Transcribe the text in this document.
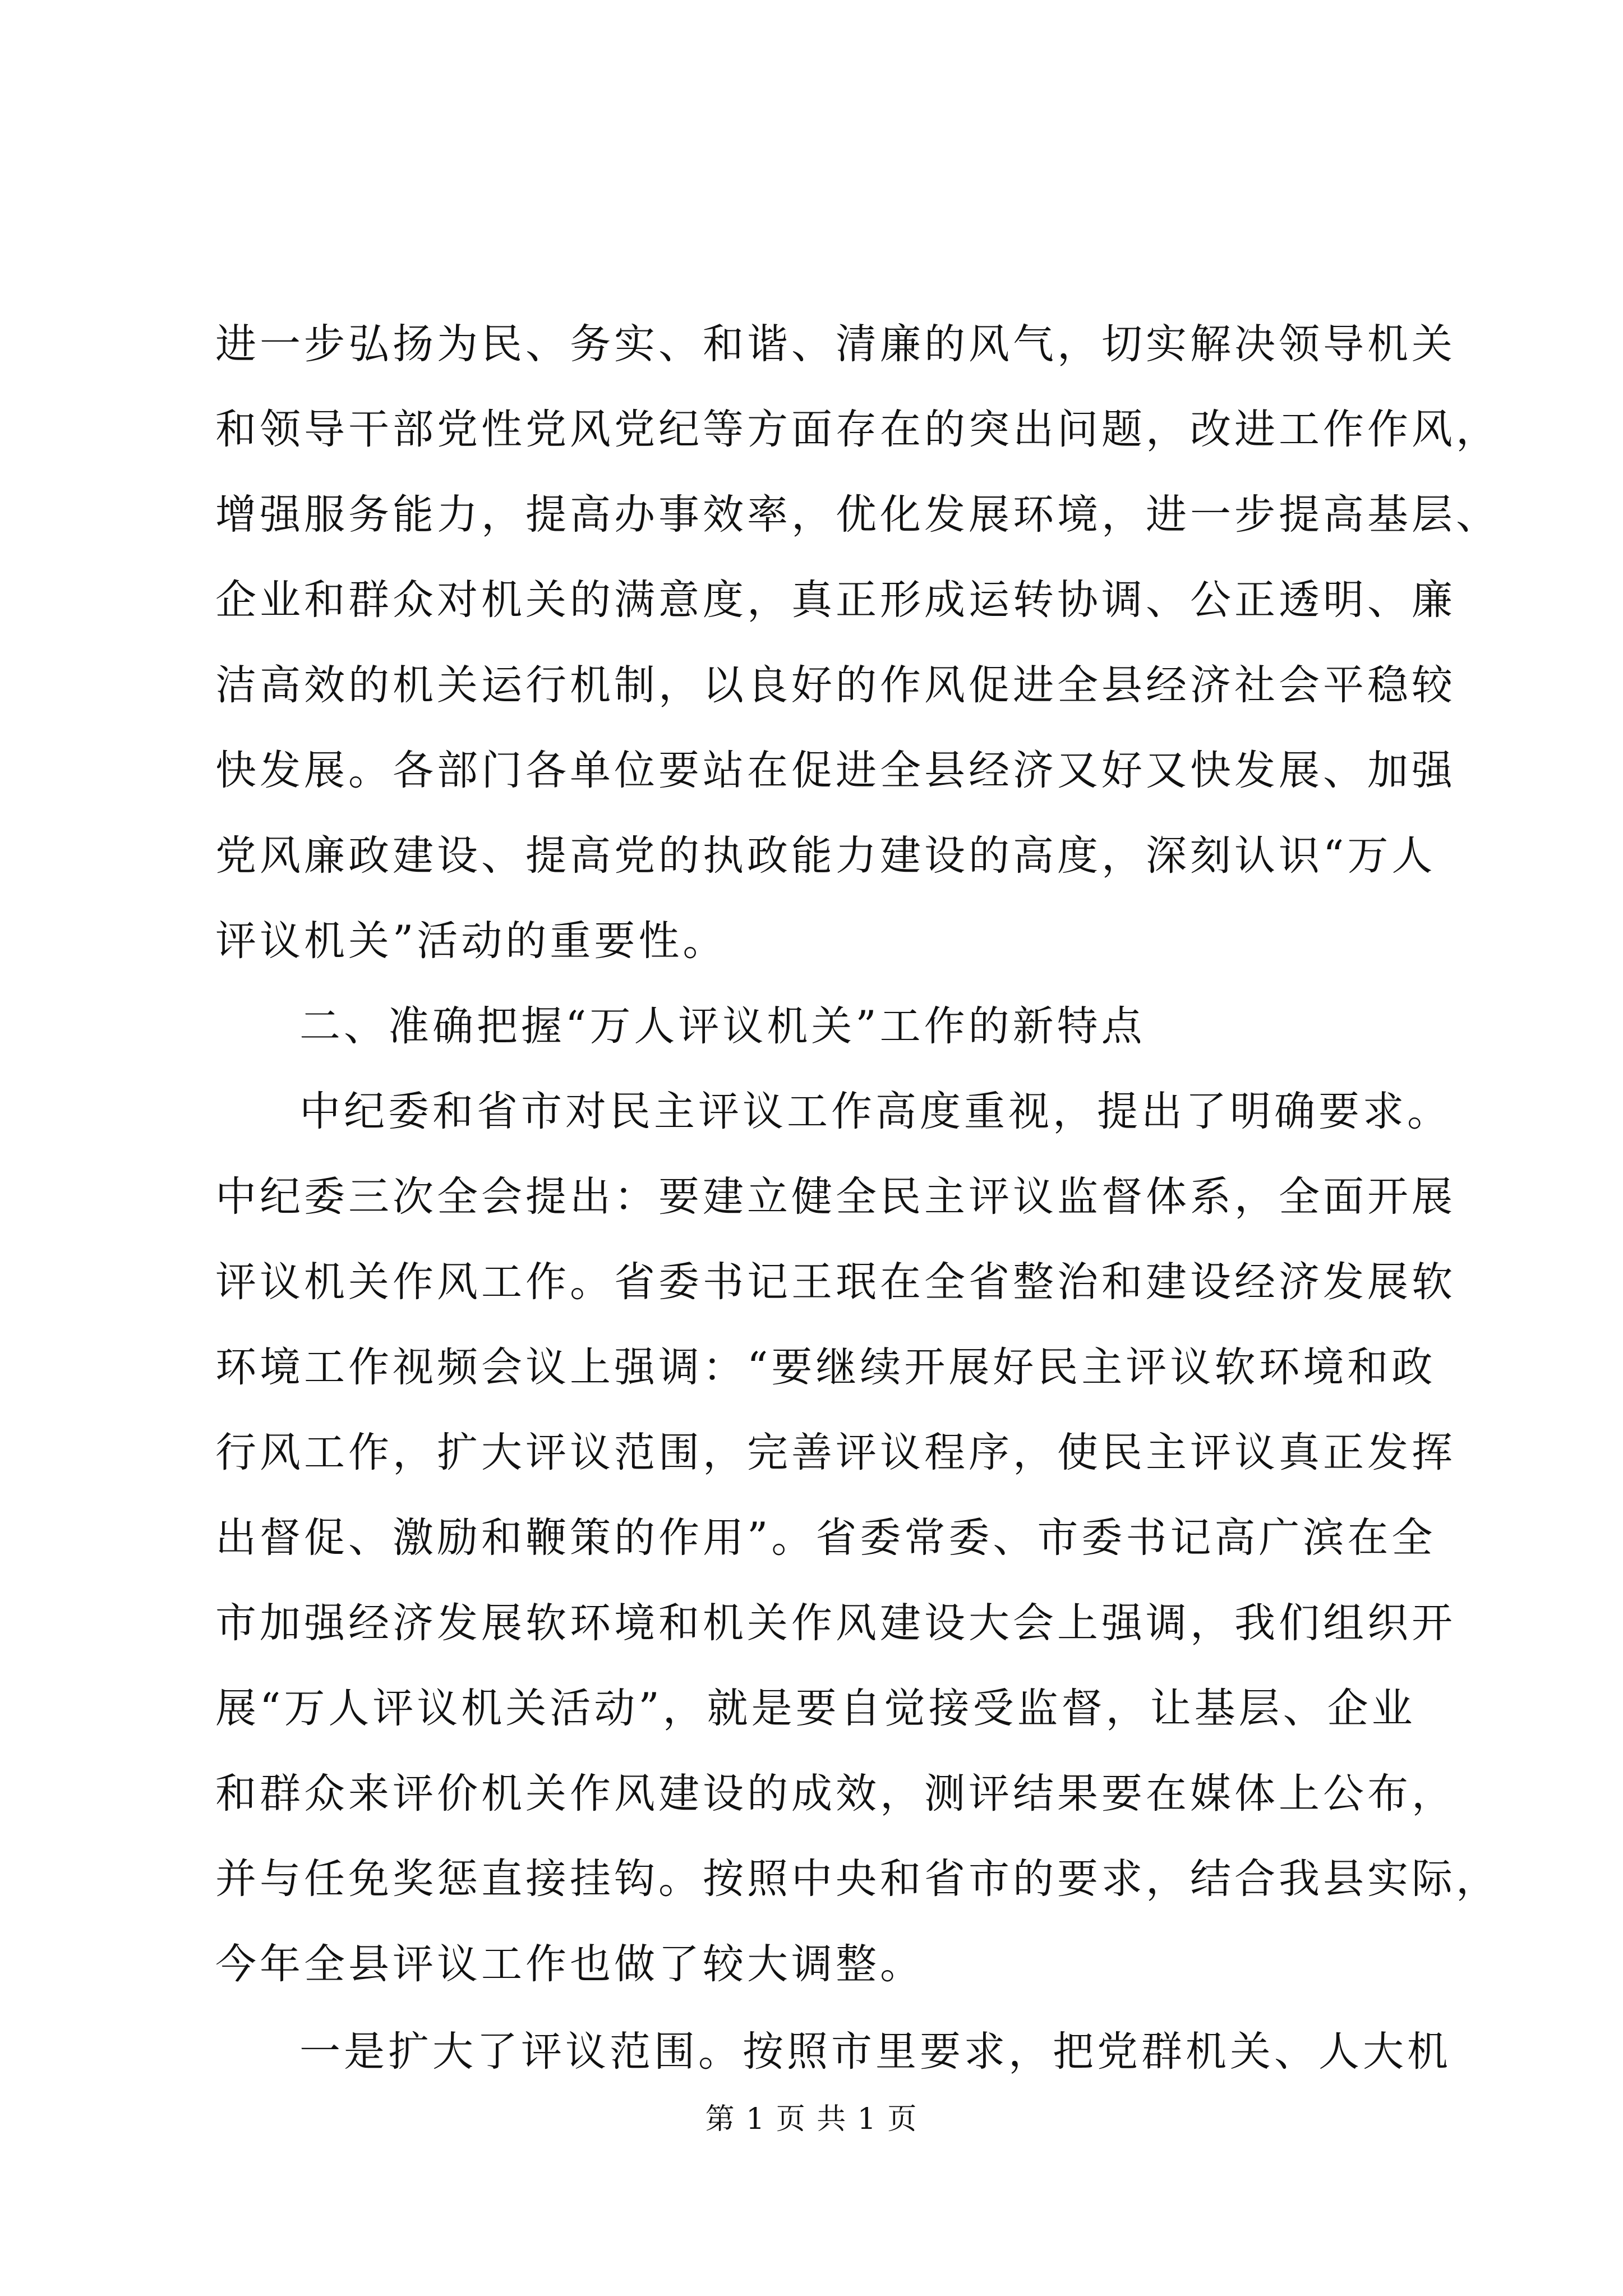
进一步弘扬为民、务实、和谐、清廉的风气，切实解决领导机关
和领导干部党性党风党纪等方面存在的突出问题，改进工作作风，
增强服务能力，提高办事效率，优化发展环境，进一步提高基层、
企业和群众对机关的满意度，真正形成运转协调、公正透明、廉
洁高效的机关运行机制，以良好的作风促进全县经济社会平稳较
快发展。各部门各单位要站在促进全县经济又好又快发展、加强
党风廉政建设、提高党的执政能力建设的高度，深刻认识“万人
评议机关”活动的重要性。
二、准确把握“万人评议机关”工作的新特点
中纪委和省市对民主评议工作高度重视，提出了明确要求。
中纪委三次全会提出：要建立健全民主评议监督体系，全面开展
评议机关作风工作。省委书记王珉在全省整治和建设经济发展软
环境工作视频会议上强调：“要继续开展好民主评议软环境和政
行风工作，扩大评议范围，完善评议程序，使民主评议真正发挥
出督促、激励和鞭策的作用”。省委常委、市委书记高广滨在全
市加强经济发展软环境和机关作风建设大会上强调，我们组织开
展“万人评议机关活动”，就是要自觉接受监督，让基层、企业
和群众来评价机关作风建设的成效，测评结果要在媒体上公布，
并与任免奖惩直接挂钩。按照中央和省市的要求，结合我县实际，
今年全县评议工作也做了较大调整。
一是扩大了评议范围。按照市里要求，把党群机关、人大机
第 1 页 共 1 页
